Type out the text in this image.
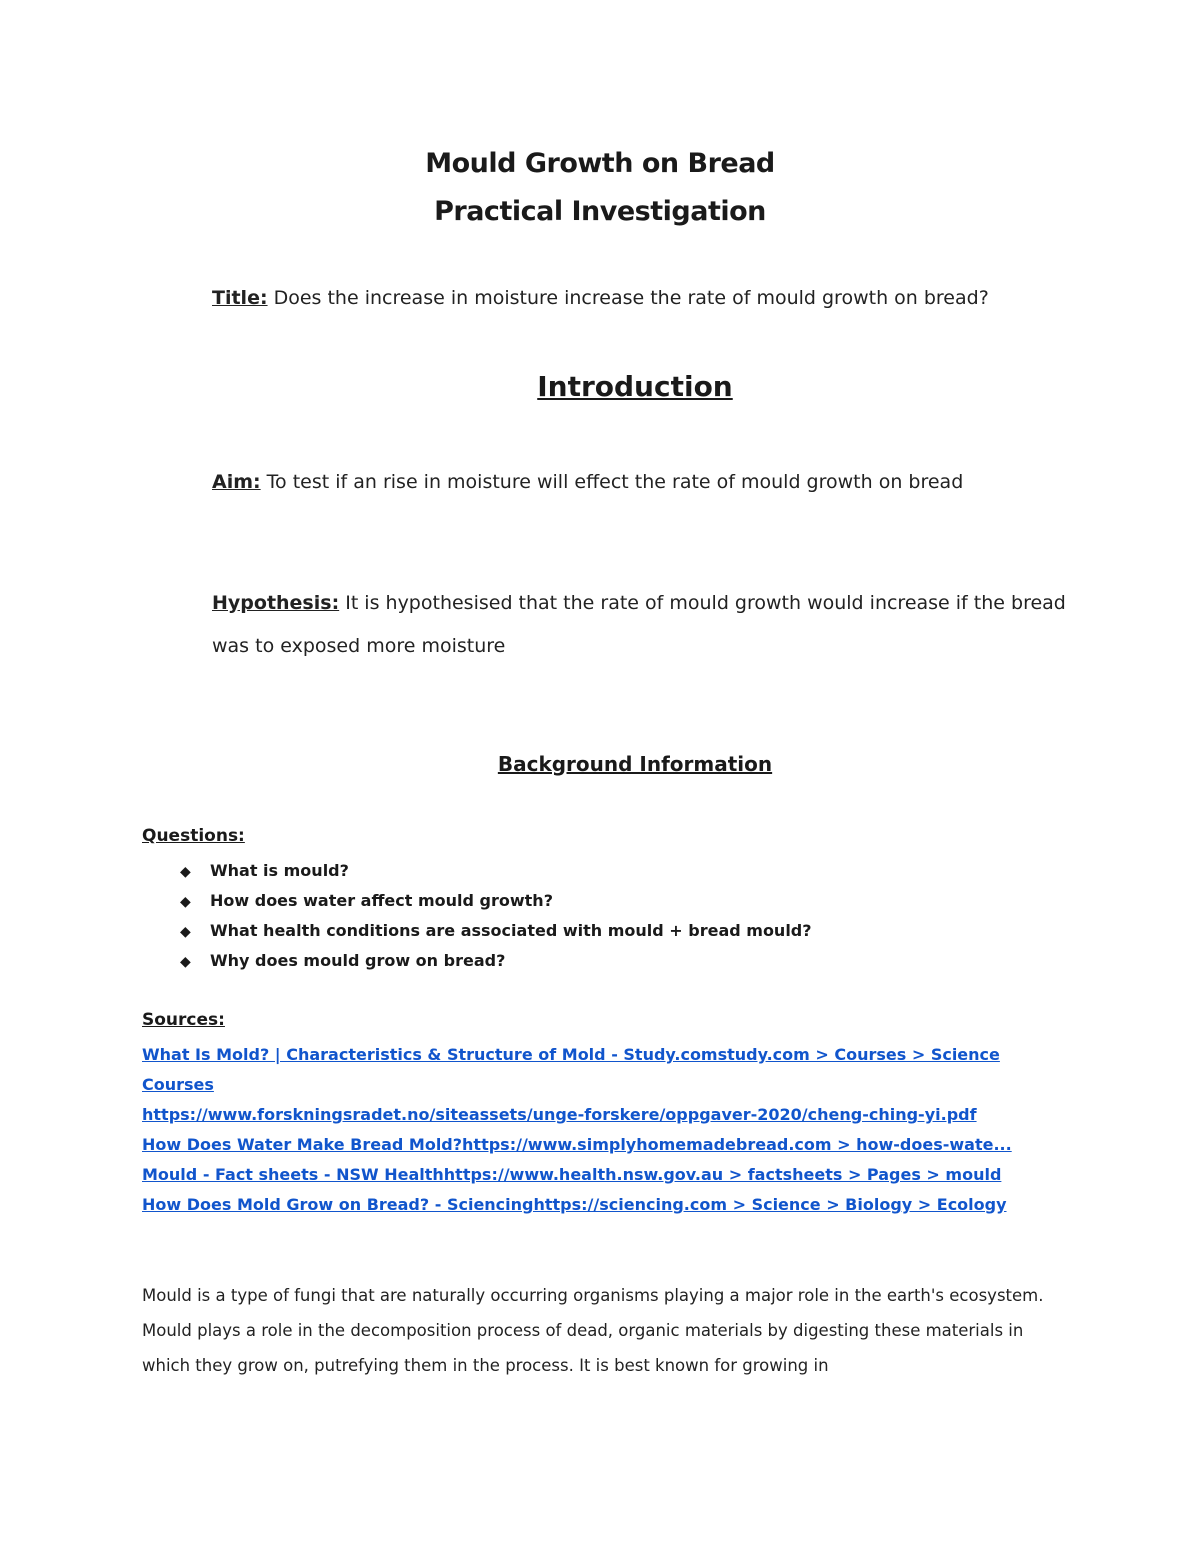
Mould Growth on Bread
Practical Investigation
Title: Does the increase in moisture increase the rate of mould growth on bread?
Introduction
Aim: To test if an rise in moisture will effect the rate of mould growth on bread
Hypothesis: It is hypothesised that the rate of mould growth would increase if the bread was to exposed more moisture
Background Information
Questions:
◆ What is mould?
◆ How does water affect mould growth?
◆ What health conditions are associated with mould + bread mould?
◆ Why does mould grow on bread?
Sources:
What Is Mold? | Characteristics & Structure of Mold - Study.comstudy.com > Courses > Science
Courses
https://www.forskningsradet.no/siteassets/unge-forskere/oppgaver-2020/cheng-ching-yi.pdf
How Does Water Make Bread Mold?https://www.simplyhomemadebread.com > how-does-wate...
Mould - Fact sheets - NSW Healthhttps://www.health.nsw.gov.au > factsheets > Pages > mould
How Does Mold Grow on Bread? - Sciencinghttps://sciencing.com > Science > Biology > Ecology
Mould is a type of fungi that are naturally occurring organisms playing a major role in the earth's ecosystem. Mould plays a role in the decomposition process of dead, organic materials by digesting these materials in which they grow on, putrefying them in the process. It is best known for growing in
